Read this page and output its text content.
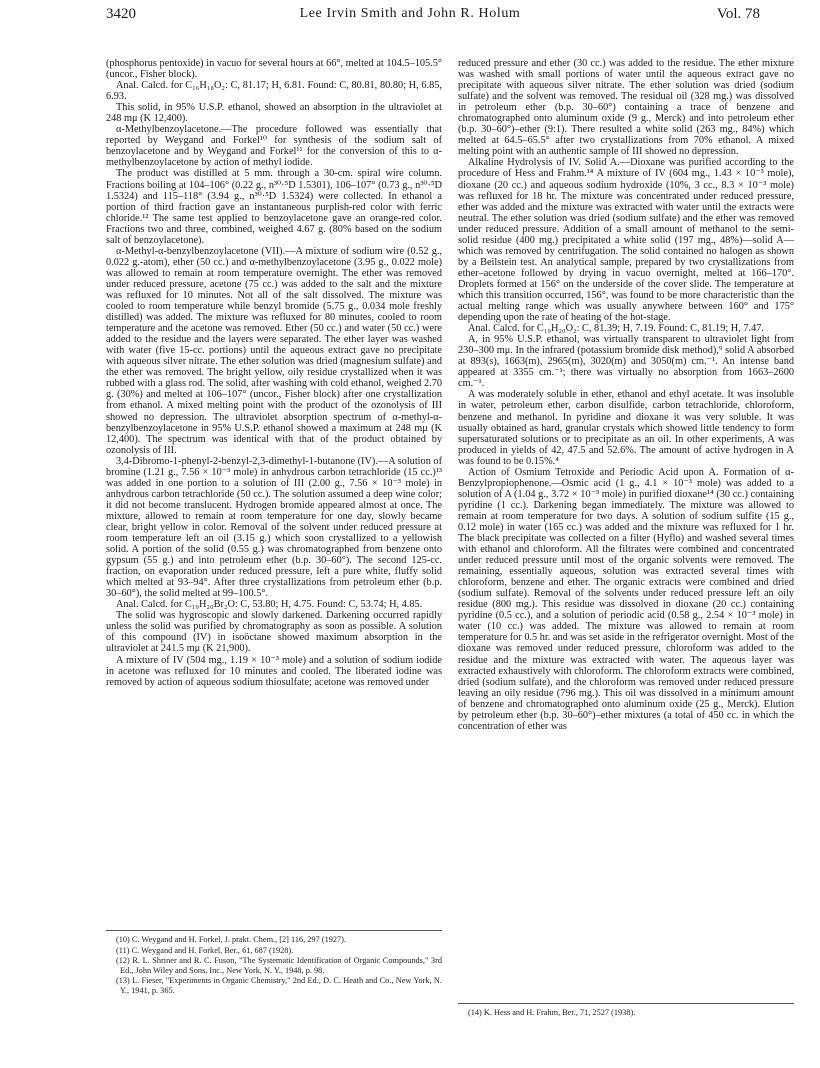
3420	Lee Irvin Smith and John R. Holum	Vol. 78

(phosphorus pentoxide) in vacuo for several hours at 66°, melted at 104.5–105.5° (uncor., Fisher block).

Anal. Calcd. for C₁₆H₁₈O₂: C, 81.17; H, 6.81. Found: C, 80.81, 80.80; H, 6.85, 6.93.

This solid, in 95% U.S.P. ethanol, showed an absorption in the ultraviolet at 248 mμ (K 12,400).

α-Methylbenzoylacetone.—The procedure followed was essentially that reported by Weygand and Forkel¹⁰ for synthesis of the sodium salt of benzoylacetone and by Weygand and Forkel¹¹ for the conversion of this to α-methylbenzoylacetone by action of methyl iodide.

The product was distilled at 5 mm. through a 30-cm. spiral wire column. Fractions boiling at 104–106° (0.22 g., n³⁰·⁵D 1.5301), 106–107° (0.73 g., n³⁰·⁵D 1.5324) and 115–118° (3.94 g., n³⁰·⁵D 1.5324) were collected. In ethanol a portion of third fraction gave an instantaneous purplish-red color with ferric chloride.¹² The same test applied to benzoylacetone gave an orange-red color. Fractions two and three, combined, weighed 4.67 g. (80% based on the sodium salt of benzoylacetone).

α-Methyl-α-benzylbenzoylacetone (VII).—A mixture of sodium wire (0.52 g., 0.022 g.-atom), ether (50 cc.) and α-methylbenzoylacetone (3.95 g., 0.022 mole) was allowed to remain at room temperature overnight. The ether was removed under reduced pressure, acetone (75 cc.) was added to the salt and the mixture was refluxed for 10 minutes. Not all of the salt dissolved. The mixture was cooled to room temperature while benzyl bromide (5.75 g., 0.034 mole freshly distilled) was added. The mixture was refluxed for 80 minutes, cooled to room temperature and the acetone was removed. Ether (50 cc.) and water (50 cc.) were added to the residue and the layers were separated. The ether layer was washed with water (five 15-cc. portions) until the aqueous extract gave no precipitate with aqueous silver nitrate. The ether solution was dried (magnesium sulfate) and the ether was removed. The bright yellow, oily residue crystallized when it was rubbed with a glass rod. The solid, after washing with cold ethanol, weighed 2.70 g. (30%) and melted at 106–107° (uncor., Fisher block) after one crystallization from ethanol. A mixed melting point with the product of the ozonolysis of III showed no depression. The ultraviolet absorption spectrum of α-methyl-α-benzylbenzoylacetone in 95% U.S.P. ethanol showed a maximum at 248 mμ (K 12,400). The spectrum was identical with that of the product obtained by ozonolysis of III.

3,4-Dibromo-1-phenyl-2-benzyl-2,3-dimethyl-1-butanone (IV).—A solution of bromine (1.21 g., 7.56 × 10⁻³ mole) in anhydrous carbon tetrachloride (15 cc.)¹³ was added in one portion to a solution of III (2.00 g., 7.56 × 10⁻³ mole) in anhydrous carbon tetrachloride (50 cc.). The solution assumed a deep wine color; it did not become translucent. Hydrogen bromide appeared almost at once. The mixture, allowed to remain at room temperature for one day, slowly became clear, bright yellow in color. Removal of the solvent under reduced pressure at room temperature left an oil (3.15 g.) which soon crystallized to a yellowish solid. A portion of the solid (0.55 g.) was chromatographed from benzene onto gypsum (55 g.) and into petroleum ether (b.p. 30–60°). The second 125-cc. fraction, on evaporation under reduced pressure, left a pure white, fluffy solid which melted at 93–94°. After three crystallizations from petroleum ether (b.p. 30–60°), the solid melted at 99–100.5°.

Anal. Calcd. for C₁₉H₂₀Br₂O: C, 53.80; H, 4.75. Found: C, 53.74; H, 4.85.

The solid was hygroscopic and slowly darkened. Darkening occurred rapidly unless the solid was purified by chromatography as soon as possible. A solution of this compound (IV) in isoöctane showed maximum absorption in the ultraviolet at 241.5 mμ (K 21,900).

A mixture of IV (504 mg., 1.19 × 10⁻³ mole) and a solution of sodium iodide in acetone was refluxed for 10 minutes and cooled. The liberated iodine was removed by action of aqueous sodium thiosulfate; acetone was removed under

(10) C. Weygand and H. Forkel, J. prakt. Chem., [2] 116, 297 (1927).

(11) C. Weygand and H. Forkel, Ber., 61, 687 (1928).

(12) R. L. Shriner and R. C. Fuson, "The Systematic Identification of Organic Compounds," 3rd Ed., John Wiley and Sons, Inc., New York, N. Y., 1948, p. 98.

(13) L. Fieser, "Experiments in Organic Chemistry," 2nd Ed., D. C. Heath and Co., New York, N. Y., 1941, p. 365.

reduced pressure and ether (30 cc.) was added to the residue. The ether mixture was washed with small portions of water until the aqueous extract gave no precipitate with aqueous silver nitrate. The ether solution was dried (sodium sulfate) and the solvent was removed. The residual oil (328 mg.) was dissolved in petroleum ether (b.p. 30–60°) containing a trace of benzene and chromatographed onto aluminum oxide (9 g., Merck) and into petroleum ether (b.p. 30–60°)–ether (9:1). There resulted a white solid (263 mg., 84%) which melted at 64.5–65.5° after two crystallizations from 70% ethanol. A mixed melting point with an authentic sample of III showed no depression.

Alkaline Hydrolysis of IV. Solid A.—Dioxane was purified according to the procedure of Hess and Frahm.¹⁴ A mixture of IV (604 mg., 1.43 × 10⁻³ mole), dioxane (20 cc.) and aqueous sodium hydroxide (10%, 3 cc., 8.3 × 10⁻³ mole) was refluxed for 18 hr. The mixture was concentrated under reduced pressure, ether was added and the mixture was extracted with water until the extracts were neutral. The ether solution was dried (sodium sulfate) and the ether was removed under reduced pressure. Addition of a small amount of methanol to the semi-solid residue (400 mg.) precipitated a white solid (197 mg., 48%)—solid A—which was removed by centrifugation. The solid contained no halogen as shown by a Beilstein test. An analytical sample, prepared by two crystallizations from ether–acetone followed by drying in vacuo overnight, melted at 166–170°. Droplets formed at 156° on the underside of the cover slide. The temperature at which this transition occurred, 156°, was found to be more characteristic than the actual melting range which was usually anywhere between 160° and 175° depending upon the rate of heating of the hot-stage.

Anal. Calcd. for C₁₉H₂₀O₂: C, 81.39; H, 7.19. Found: C, 81.19; H, 7.47.

A, in 95% U.S.P. ethanol, was virtually transparent to ultraviolet light from 230–300 mμ. In the infrared (potassium bromide disk method),⁹ solid A absorbed at 893(s), 1663(m), 2965(m), 3020(m) and 3050(m) cm.⁻¹. An intense band appeared at 3355 cm.⁻¹; there was virtually no absorption from 1663–2600 cm.⁻¹.

A was moderately soluble in ether, ethanol and ethyl acetate. It was insoluble in water, petroleum ether, carbon disulfide, carbon tetrachloride, chloroform, benzene and methanol. In pyridine and dioxane it was very soluble. It was usually obtained as hard, granular crystals which showed little tendency to form supersaturated solutions or to precipitate as an oil. In other experiments, A was produced in yields of 42, 47.5 and 52.6%. The amount of active hydrogen in A was found to be 0.15%.⁴

Action of Osmium Tetroxide and Periodic Acid upon A. Formation of α-Benzylpropiophenone.—Osmic acid (1 g., 4.1 × 10⁻³ mole) was added to a solution of A (1.04 g., 3.72 × 10⁻³ mole) in purified dioxane¹⁴ (30 cc.) containing pyridine (1 cc.). Darkening began immediately. The mixture was allowed to remain at room temperature for two days. A solution of sodium sulfite (15 g., 0.12 mole) in water (165 cc.) was added and the mixture was refluxed for 1 hr. The black precipitate was collected on a filter (Hyflo) and washed several times with ethanol and chloroform. All the filtrates were combined and concentrated under reduced pressure until most of the organic solvents were removed. The remaining, essentially aqueous, solution was extracted several times with chloroform, benzene and ether. The organic extracts were combined and dried (sodium sulfate). Removal of the solvents under reduced pressure left an oily residue (800 mg.). This residue was dissolved in dioxane (20 cc.) containing pyridine (0.5 cc.), and a solution of periodic acid (0.58 g., 2.54 × 10⁻³ mole) in water (10 cc.) was added. The mixture was allowed to remain at room temperature for 0.5 hr. and was set aside in the refrigerator overnight. Most of the dioxane was removed under reduced pressure, chloroform was added to the residue and the mixture was extracted with water. The aqueous layer was extracted exhaustively with chloroform. The chloroform extracts were combined, dried (sodium sulfate), and the chloroform was removed under reduced pressure leaving an oily residue (796 mg.). This oil was dissolved in a minimum amount of benzene and chromatographed onto aluminum oxide (25 g., Merck). Elution by petroleum ether (b.p. 30–60°)–ether mixtures (a total of 450 cc. in which the concentration of ether was

(14) K. Hess and H. Frahm, Ber., 71, 2527 (1938).
